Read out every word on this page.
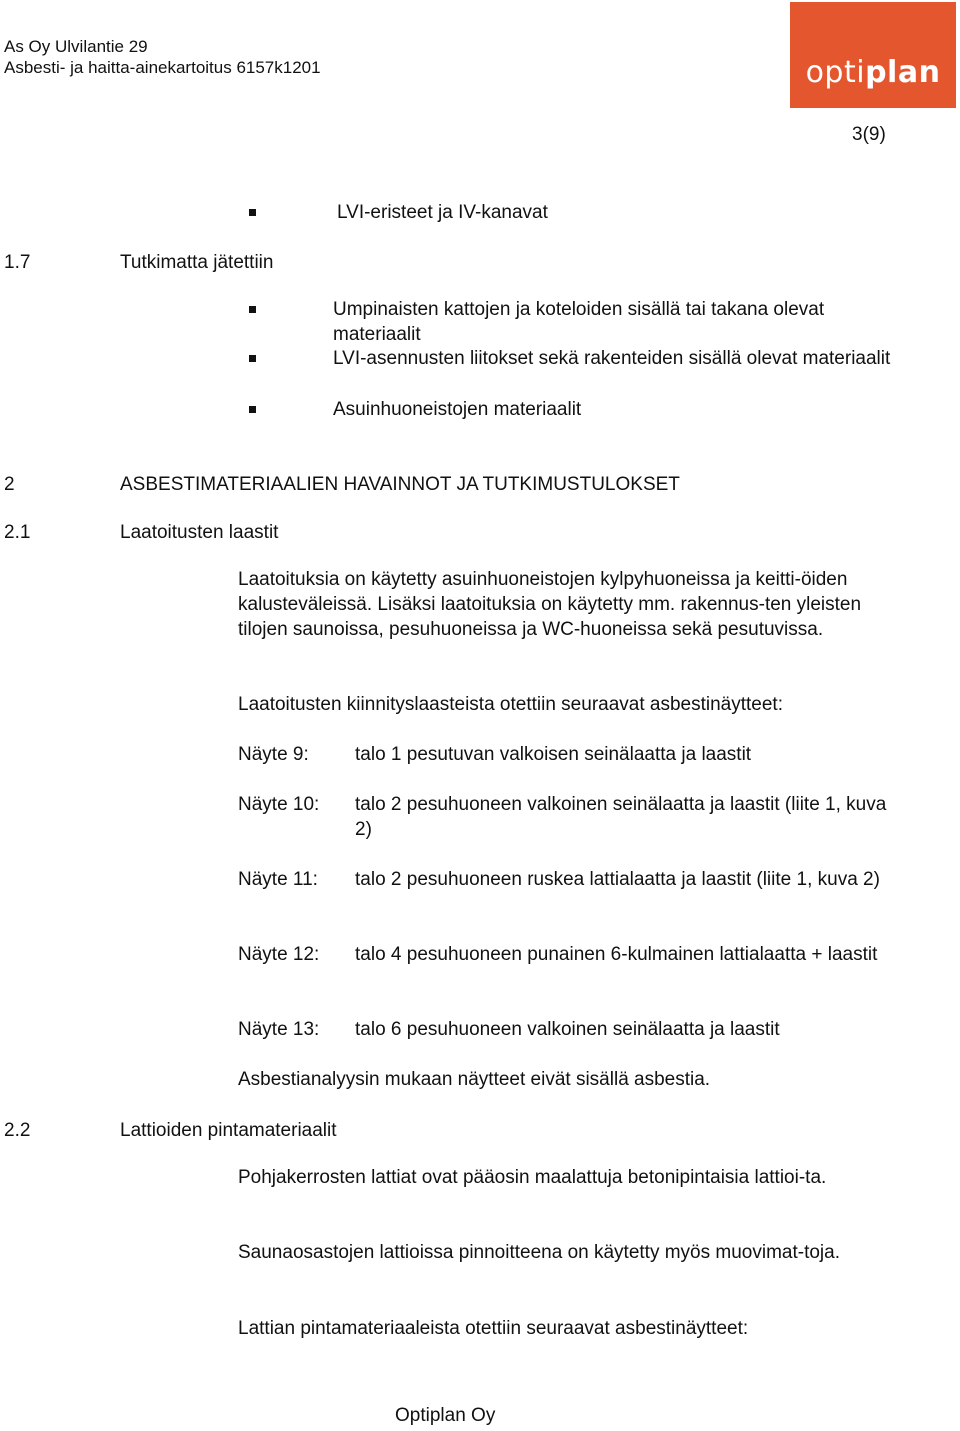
As Oy Ulvilantie 29
Asbesti- ja haitta-ainekartoitus 6157k1201	optiplan
3(9)
LVI-eristeet ja IV-kanavat
1.7	Tutkimatta jätettiin
Umpinaisten kattojen ja koteloiden sisällä tai takana olevat materiaalit
LVI-asennusten liitokset sekä rakenteiden sisällä olevat materiaalit
Asuinhuoneistojen materiaalit
2	ASBESTIMATERIAALIEN HAVAINNOT JA TUTKIMUSTULOKSET
2.1	Laatoitusten laastit
Laatoituksia on käytetty asuinhuoneistojen kylpyhuoneissa ja keitti-öiden kalusteväleissä. Lisäksi laatoituksia on käytetty mm. rakennus-ten yleisten tilojen saunoissa, pesuhuoneissa ja WC-huoneissa sekä pesutuvissa.
Laatoitusten kiinnityslaasteista otettiin seuraavat asbestinäytteet:
Näyte 9: talo 1 pesutuvan valkoisen seinälaatta ja laastit
Näyte 10: talo 2 pesuhuoneen valkoinen seinälaatta ja laastit (liite 1, kuva 2)
Näyte 11: talo 2 pesuhuoneen ruskea lattialaatta ja laastit (liite 1, kuva 2)
Näyte 12: talo 4 pesuhuoneen punainen 6-kulmainen lattialaatta + laastit
Näyte 13: talo 6 pesuhuoneen valkoinen seinälaatta ja laastit
Asbestianalyysin mukaan näytteet eivät sisällä asbestia.
2.2	Lattioiden pintamateriaalit
Pohjakerrosten lattiat ovat pääosin maalattuja betonipintaisia lattioi-ta.
Saunaosastojen lattioissa pinnoitteena on käytetty myös muovimat-toja.
Lattian pintamateriaaleista otettiin seuraavat asbestinäytteet:
Optiplan Oy
